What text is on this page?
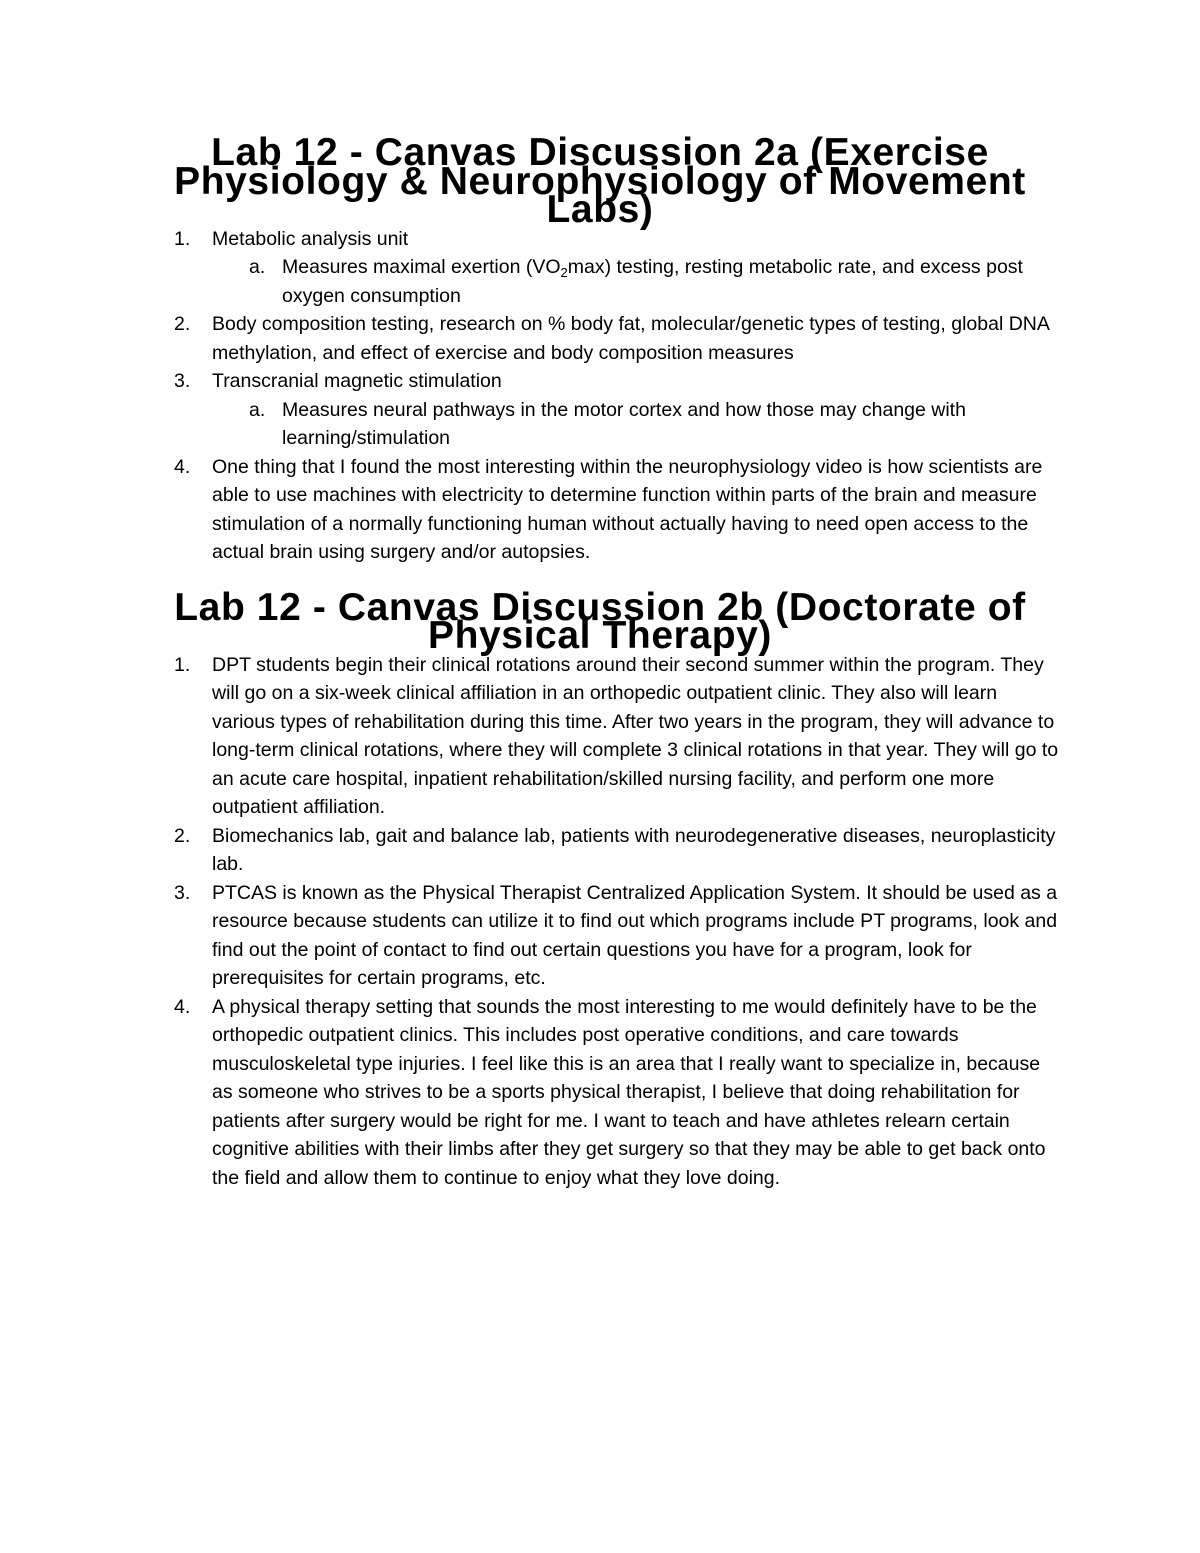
Lab 12 - Canvas Discussion 2a (Exercise Physiology & Neurophysiology of Movement Labs)
1. Metabolic analysis unit
a. Measures maximal exertion $(VO_2\max)$ testing, resting metabolic rate, and excess post oxygen consumption
2. Body composition testing, research on % body fat, molecular/genetic types of testing, global DNA methylation, and effect of exercise and body composition measures
3. Transcranial magnetic stimulation
a. Measures neural pathways in the motor cortex and how those may change with learning/stimulation
4. One thing that I found the most interesting within the neurophysiology video is how scientists are able to use machines with electricity to determine function within parts of the brain and measure stimulation of a normally functioning human without actually having to need open access to the actual brain using surgery and/or autopsies.
Lab 12 - Canvas Discussion 2b (Doctorate of Physical Therapy)
1. DPT students begin their clinical rotations around their second summer within the program. They will go on a six-week clinical affiliation in an orthopedic outpatient clinic. They also will learn various types of rehabilitation during this time. After two years in the program, they will advance to long-term clinical rotations, where they will complete 3 clinical rotations in that year. They will go to an acute care hospital, inpatient rehabilitation/skilled nursing facility, and perform one more outpatient affiliation.
2. Biomechanics lab, gait and balance lab, patients with neurodegenerative diseases, neuroplasticity lab.
3. PTCAS is known as the Physical Therapist Centralized Application System. It should be used as a resource because students can utilize it to find out which programs include PT programs, look and find out the point of contact to find out certain questions you have for a program, look for prerequisites for certain programs, etc.
4. A physical therapy setting that sounds the most interesting to me would definitely have to be the orthopedic outpatient clinics. This includes post operative conditions, and care towards musculoskeletal type injuries. I feel like this is an area that I really want to specialize in, because as someone who strives to be a sports physical therapist, I believe that doing rehabilitation for patients after surgery would be right for me. I want to teach and have athletes relearn certain cognitive abilities with their limbs after they get surgery so that they may be able to get back onto the field and allow them to continue to enjoy what they love doing.
